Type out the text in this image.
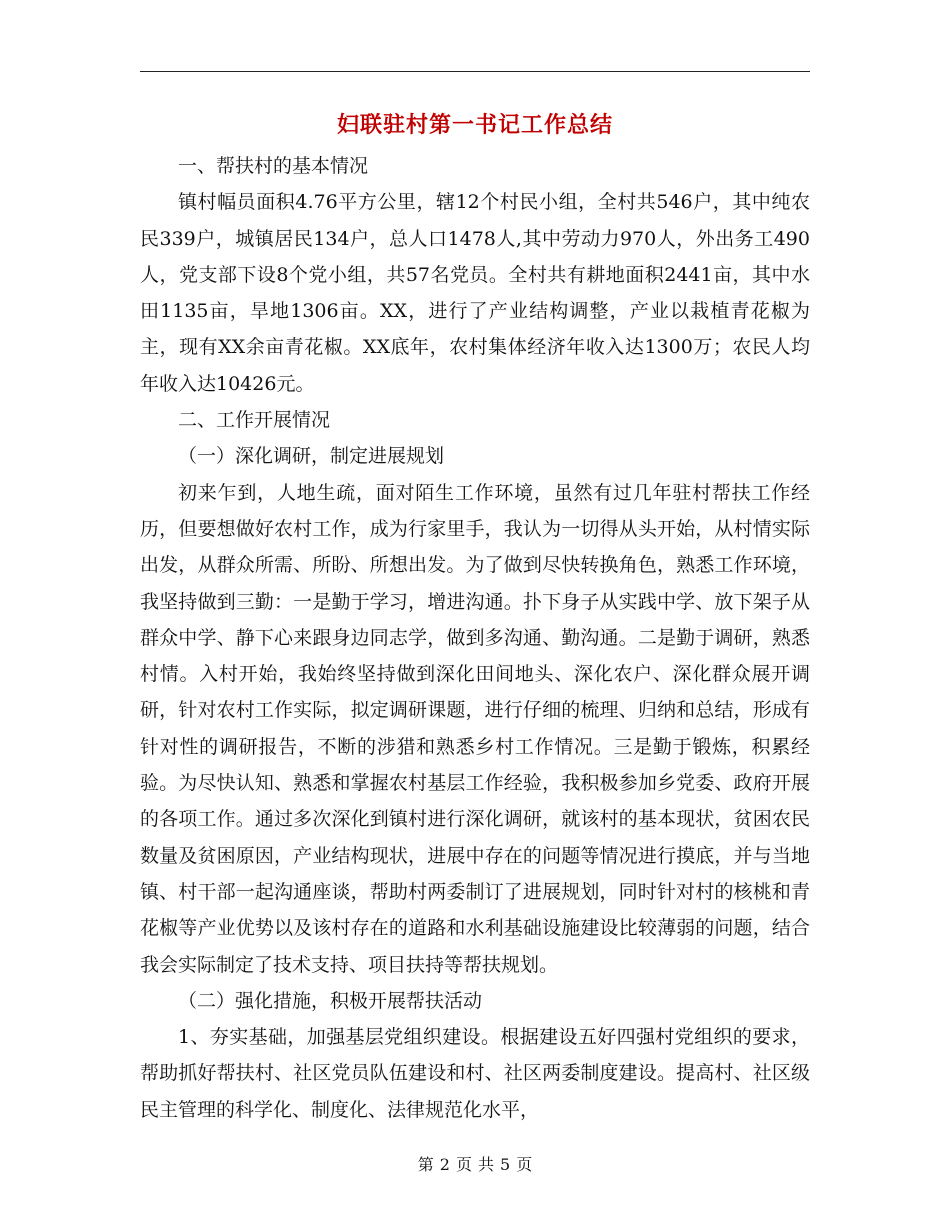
妇联驻村第一书记工作总结

一、帮扶村的基本情况

镇村幅员面积4.76平方公里，辖12个村民小组，全村共546户，其中纯农民339户，城镇居民134户，总人口1478人,其中劳动力970人，外出务工490人，党支部下设8个党小组，共57名党员。全村共有耕地面积2441亩，其中水田1135亩，旱地1306亩。XX，进行了产业结构调整，产业以栽植青花椒为主，现有XX余亩青花椒。XX底年，农村集体经济年收入达1300万；农民人均年收入达10426元。

二、工作开展情况

（一）深化调研，制定进展规划

初来乍到，人地生疏，面对陌生工作环境，虽然有过几年驻村帮扶工作经历，但要想做好农村工作，成为行家里手，我认为一切得从头开始，从村情实际出发，从群众所需、所盼、所想出发。为了做到尽快转换角色，熟悉工作环境，我坚持做到三勤：一是勤于学习，增进沟通。扑下身子从实践中学、放下架子从群众中学、静下心来跟身边同志学，做到多沟通、勤沟通。二是勤于调研，熟悉村情。入村开始，我始终坚持做到深化田间地头、深化农户、深化群众展开调研，针对农村工作实际，拟定调研课题，进行仔细的梳理、归纳和总结，形成有针对性的调研报告，不断的涉猎和熟悉乡村工作情况。三是勤于锻炼，积累经验。为尽快认知、熟悉和掌握农村基层工作经验，我积极参加乡党委、政府开展的各项工作。通过多次深化到镇村进行深化调研，就该村的基本现状，贫困农民数量及贫困原因，产业结构现状，进展中存在的问题等情况进行摸底，并与当地镇、村干部一起沟通座谈，帮助村两委制订了进展规划，同时针对村的核桃和青花椒等产业优势以及该村存在的道路和水利基础设施建设比较薄弱的问题，结合我会实际制定了技术支持、项目扶持等帮扶规划。

（二）强化措施，积极开展帮扶活动

1、夯实基础，加强基层党组织建设。根据建设五好四强村党组织的要求，帮助抓好帮扶村、社区党员队伍建设和村、社区两委制度建设。提高村、社区级民主管理的科学化、制度化、法律规范化水平，

第 2 页 共 5 页
